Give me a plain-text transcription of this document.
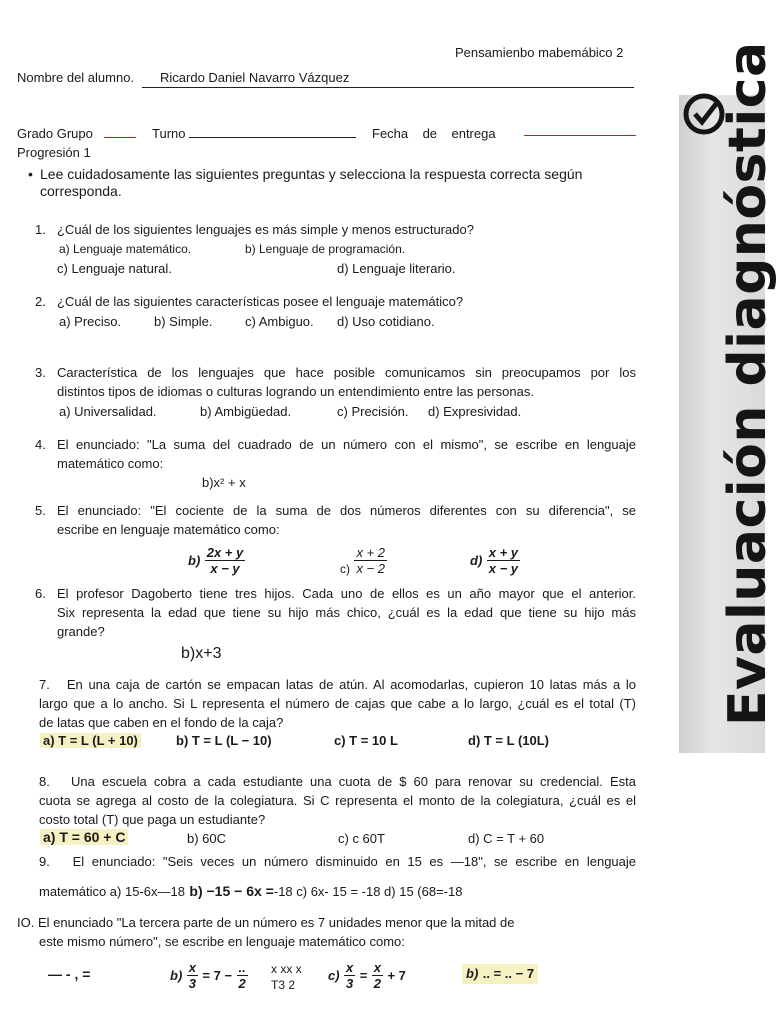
Evaluación diagnóstica
Pensamienbo mabemábico 2
Nombre del alumno. Ricardo Daniel Navarro Vázquez
Grado Grupo	Turno	Fecha    de    entrega
Progresión 1
• Lee cuidadosamente las siguientes preguntas y selecciona la respuesta correcta según
corresponda.
1. ¿Cuál de los siguientes lenguajes es más simple y menos estructurado?
a) Lenguaje matemático.	b) Lenguaje de programación.
c) Lenguaje natural.	d) Lenguaje literario.
2. ¿Cuál de las siguientes características posee el lenguaje matemático?
a) Preciso.	b) Simple. c) Ambiguo. d) Uso cotidiano.
3. Característica de los lenguajes que hace posible comunicamos sin preocupamos por los
distintos tipos de idiomas o culturas logrando un entendimiento entre las personas.
a) Universalidad.	b) Ambigüedad.	c) Precisión. d) Expresividad.
4. El enunciado: "La suma del cuadrado de un número con el mismo", se escribe en lenguaje
matemático como:
b)x² + x
5. El enunciado: "El cociente de la suma de dos números diferentes con su diferencia", se
escribe en lenguaje matemático como:
$b) \frac{2x + y}{x - y}$	$c) \frac{x + 2}{x - 2}$	$d) \frac{x + y}{x - y}$
6. El profesor Dagoberto tiene tres hijos. Cada uno de ellos es un año mayor que el anterior.
Six representa la edad que tiene su hijo más chico, ¿cuál es la edad que tiene su hijo más
grande?
b)x+3
7.   En una caja de cartón se empacan latas de atún. Al acomodarlas, cupieron 10 latas más a lo
largo que a lo ancho. Si L representa el número de cajas que cabe a lo largo, ¿cuál es el total (T)
de latas que caben en el fondo de la caja?
a) T = L (L + 10)	b) T = L (L − 10)	c) T = 10 L	d) T = L (10L)
8.   Una escuela cobra a cada estudiante una cuota de $ 60 para renovar su credencial. Esta
cuota se agrega al costo de la colegiatura. Si C representa el monto de la colegiatura, ¿cuál es el
costo total (T) que paga un estudiante?
a) T = 60 + C	b) 60C	c) c 60T	d) C = T + 60
9.   El enunciado: "Seis veces un número disminuido en 15 es —18", se escribe en lenguaje
matemático a) 15-6x—18 b) −15 − 6x =-18 c) 6x- 15 = -18 d) 15 (68=-18
IO. El enunciado "La tercera parte de un número es 7 unidades menor que la mitad de
este mismo número", se escribe en lenguaje matemático como:
— - , =	$b) \frac{x}{3} = 7 - \frac{..}{2}$ x xx x
T3 2
$c) \frac{x}{3} = \frac{x}{2} + 7$	b) .. = .. − 7
